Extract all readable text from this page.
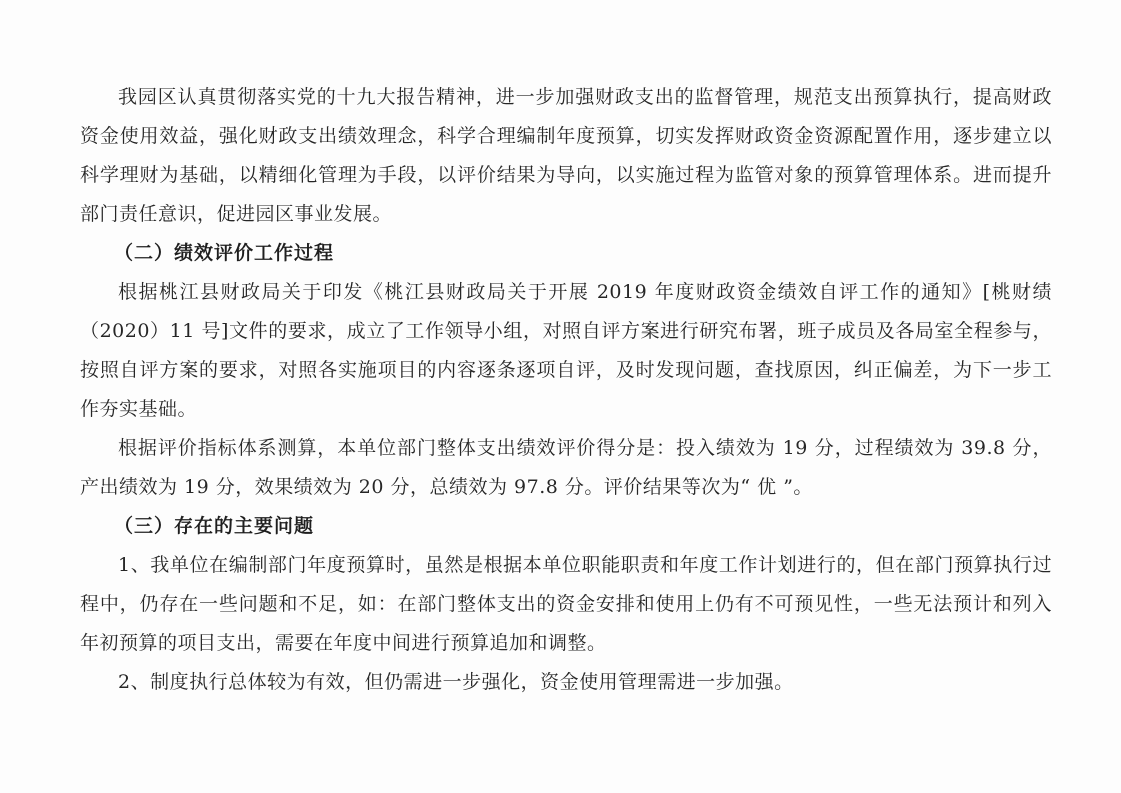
我园区认真贯彻落实党的十九大报告精神，进一步加强财政支出的监督管理，规范支出预算执行，提高财政资金使用效益，强化财政支出绩效理念，科学合理编制年度预算，切实发挥财政资金资源配置作用，逐步建立以科学理财为基础，以精细化管理为手段，以评价结果为导向，以实施过程为监管对象的预算管理体系。进而提升部门责任意识，促进园区事业发展。

（二）绩效评价工作过程

根据桃江县财政局关于印发《桃江县财政局关于开展 2019 年度财政资金绩效自评工作的通知》[桃财绩（2020）11 号]文件的要求，成立了工作领导小组，对照自评方案进行研究布署，班子成员及各局室全程参与，按照自评方案的要求，对照各实施项目的内容逐条逐项自评，及时发现问题，查找原因，纠正偏差，为下一步工作夯实基础。

根据评价指标体系测算，本单位部门整体支出绩效评价得分是：投入绩效为 19 分，过程绩效为 39.8 分，产出绩效为 19 分，效果绩效为 20 分，总绩效为 97.8 分。评价结果等次为“ 优 ”。

（三）存在的主要问题

1、我单位在编制部门年度预算时，虽然是根据本单位职能职责和年度工作计划进行的，但在部门预算执行过程中，仍存在一些问题和不足，如：在部门整体支出的资金安排和使用上仍有不可预见性，一些无法预计和列入年初预算的项目支出，需要在年度中间进行预算追加和调整。

2、制度执行总体较为有效，但仍需进一步强化，资金使用管理需进一步加强。
